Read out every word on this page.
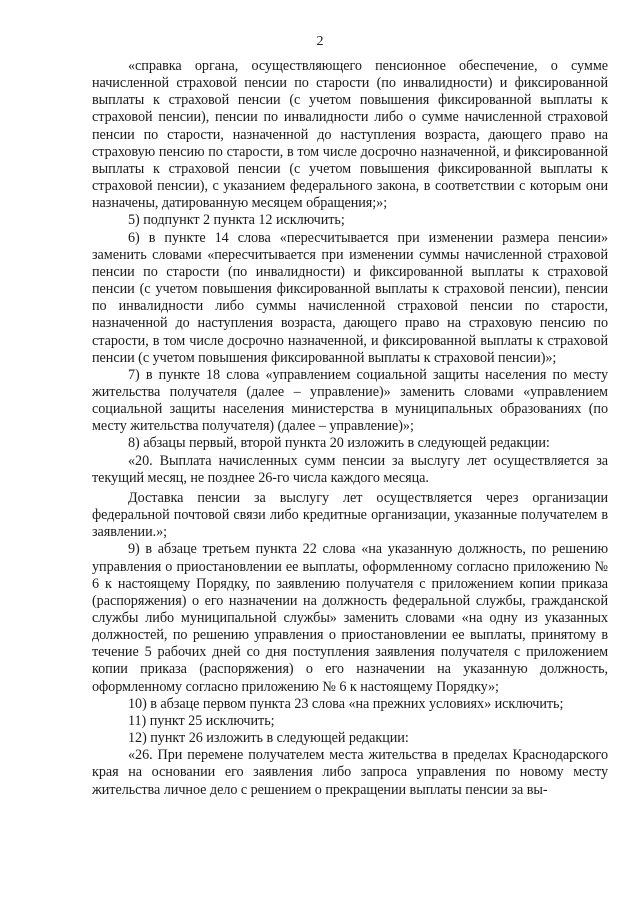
2

«справка органа, осуществляющего пенсионное обеспечение, о сумме начисленной страховой пенсии по старости (по инвалидности) и фиксированной выплаты к страховой пенсии (с учетом повышения фиксированной выплаты к страховой пенсии), пенсии по инвалидности либо о сумме начисленной страховой пенсии по старости, назначенной до наступления возраста, дающего право на страховую пенсию по старости, в том числе досрочно назначенной, и фиксированной выплаты к страховой пенсии (с учетом повышения фиксированной выплаты к страховой пенсии), с указанием федерального закона, в соответствии с которым они назначены, датированную месяцем обращения;»;

5) подпункт 2 пункта 12 исключить;

6) в пункте 14 слова «пересчитывается при изменении размера пенсии» заменить словами «пересчитывается при изменении суммы начисленной страховой пенсии по старости (по инвалидности) и фиксированной выплаты к страховой пенсии (с учетом повышения фиксированной выплаты к страховой пенсии), пенсии по инвалидности либо суммы начисленной страховой пенсии по старости, назначенной до наступления возраста, дающего право на страховую пенсию по старости, в том числе досрочно назначенной, и фиксированной выплаты к страховой пенсии (с учетом повышения фиксированной выплаты к страховой пенсии)»;

7) в пункте 18 слова «управлением социальной защиты населения по месту жительства получателя (далее – управление)» заменить словами «управлением социальной защиты населения министерства в муниципальных образованиях (по месту жительства получателя) (далее – управление)»;

8) абзацы первый, второй пункта 20 изложить в следующей редакции:

«20. Выплата начисленных сумм пенсии за выслугу лет осуществляется за текущий месяц, не позднее 26-го числа каждого месяца.

Доставка пенсии за выслугу лет осуществляется через организации федеральной почтовой связи либо кредитные организации, указанные получателем в заявлении.»;

9) в абзаце третьем пункта 22 слова «на указанную должность, по решению управления о приостановлении ее выплаты, оформленному согласно приложению № 6 к настоящему Порядку, по заявлению получателя с приложением копии приказа (распоряжения) о его назначении на должность федеральной службы, гражданской службы либо муниципальной службы» заменить словами «на одну из указанных должностей, по решению управления о приостановлении ее выплаты, принятому в течение 5 рабочих дней со дня поступления заявления получателя с приложением копии приказа (распоряжения) о его назначении на указанную должность, оформленному согласно приложению № 6 к настоящему Порядку»;

10) в абзаце первом пункта 23 слова «на прежних условиях» исключить;

11) пункт 25 исключить;

12) пункт 26 изложить в следующей редакции:

«26. При перемене получателем места жительства в пределах Краснодарского края на основании его заявления либо запроса управления по новому месту жительства личное дело с решением о прекращении выплаты пенсии за вы-
